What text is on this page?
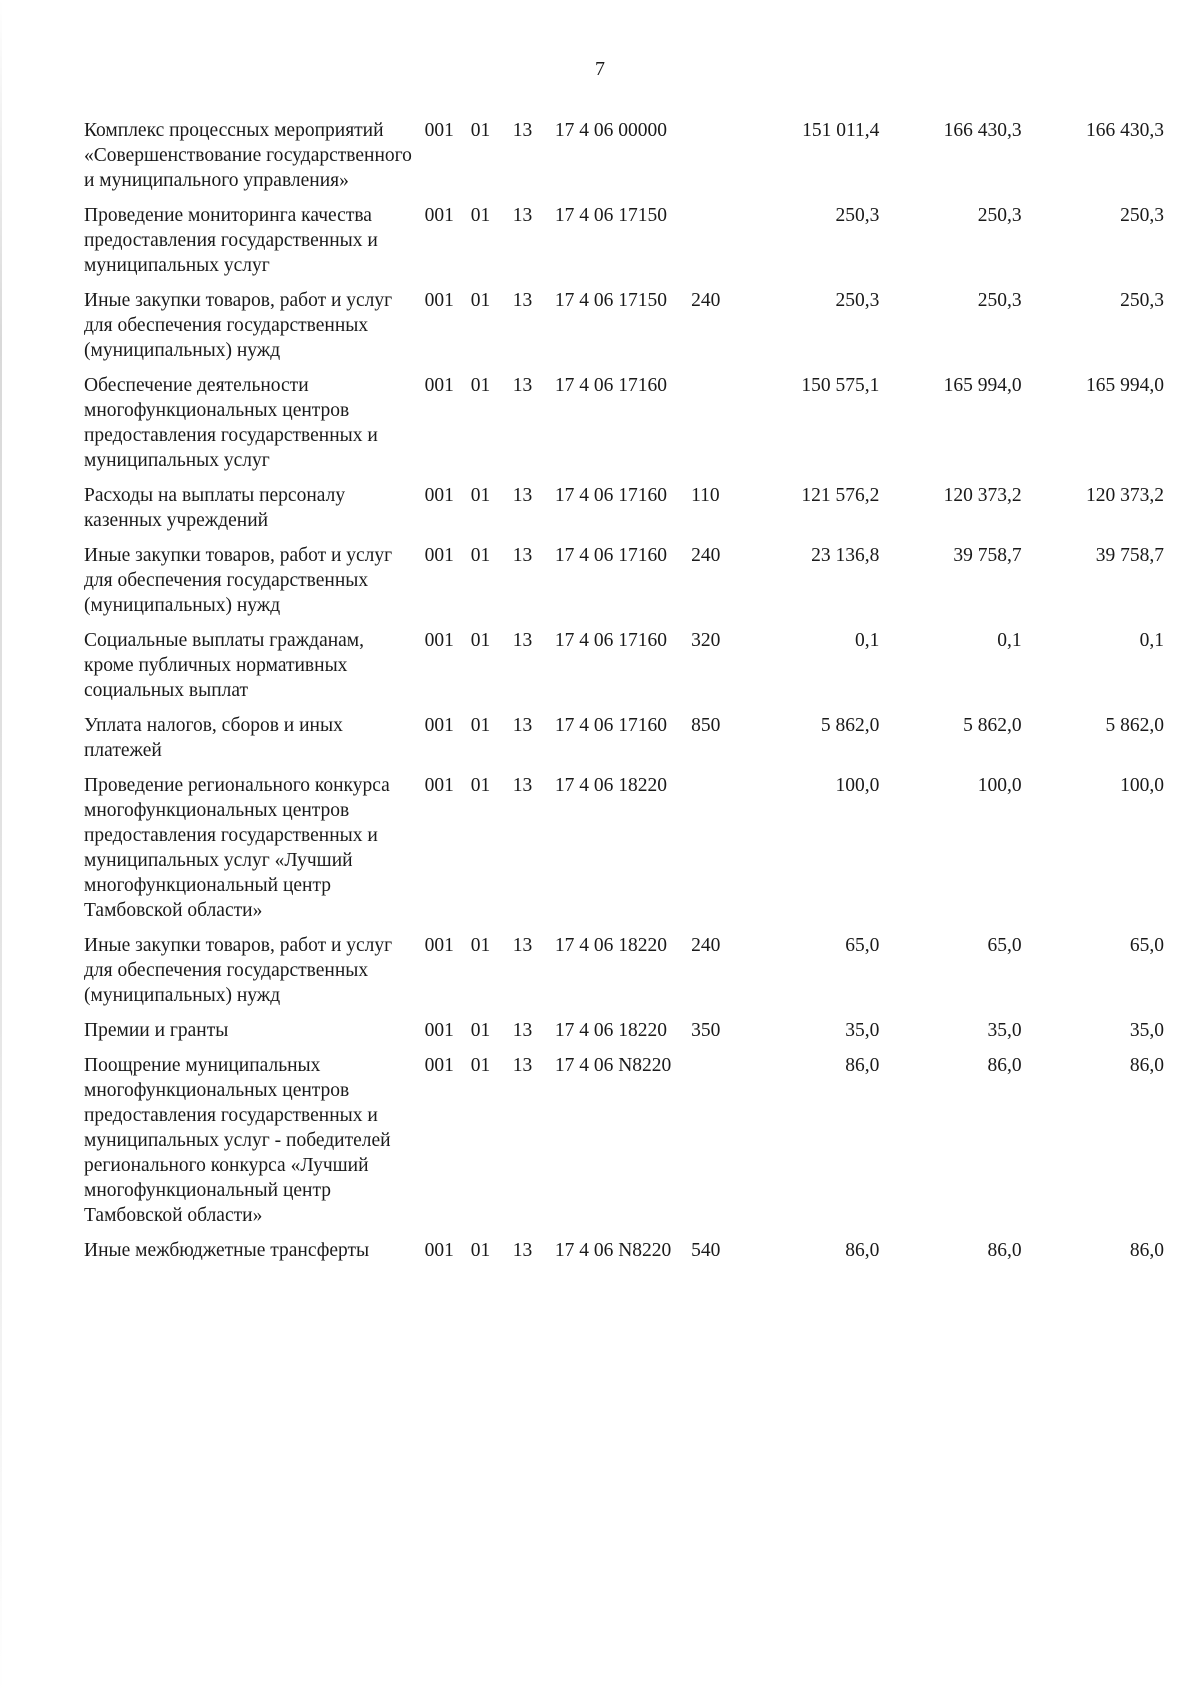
7
Комплекс процессных мероприятий «Совершенствование государственного и муниципального управления»	001	01	13	17 4 06 00000		151 011,4	166 430,3	166 430,3
Проведение мониторинга качества предоставления государственных и муниципальных услуг	001	01	13	17 4 06 17150		250,3	250,3	250,3
Иные закупки товаров, работ и услуг для обеспечения государственных (муниципальных) нужд	001	01	13	17 4 06 17150	240	250,3	250,3	250,3
Обеспечение деятельности многофункциональных центров предоставления государственных и муниципальных услуг	001	01	13	17 4 06 17160		150 575,1	165 994,0	165 994,0
Расходы на выплаты персоналу казенных учреждений	001	01	13	17 4 06 17160	110	121 576,2	120 373,2	120 373,2
Иные закупки товаров, работ и услуг для обеспечения государственных (муниципальных) нужд	001	01	13	17 4 06 17160	240	23 136,8	39 758,7	39 758,7
Социальные выплаты гражданам, кроме публичных нормативных социальных выплат	001	01	13	17 4 06 17160	320	0,1	0,1	0,1
Уплата налогов, сборов и иных платежей	001	01	13	17 4 06 17160	850	5 862,0	5 862,0	5 862,0
Проведение регионального конкурса многофункциональных центров предоставления государственных и муниципальных услуг «Лучший многофункциональный центр Тамбовской области»	001	01	13	17 4 06 18220		100,0	100,0	100,0
Иные закупки товаров, работ и услуг для обеспечения государственных (муниципальных) нужд	001	01	13	17 4 06 18220	240	65,0	65,0	65,0
Премии и гранты	001	01	13	17 4 06 18220	350	35,0	35,0	35,0
Поощрение муниципальных многофункциональных центров предоставления государственных и муниципальных услуг - победителей регионального конкурса «Лучший многофункциональный центр Тамбовской области»	001	01	13	17 4 06 N8220		86,0	86,0	86,0
Иные межбюджетные трансферты	001	01	13	17 4 06 N8220	540	86,0	86,0	86,0
